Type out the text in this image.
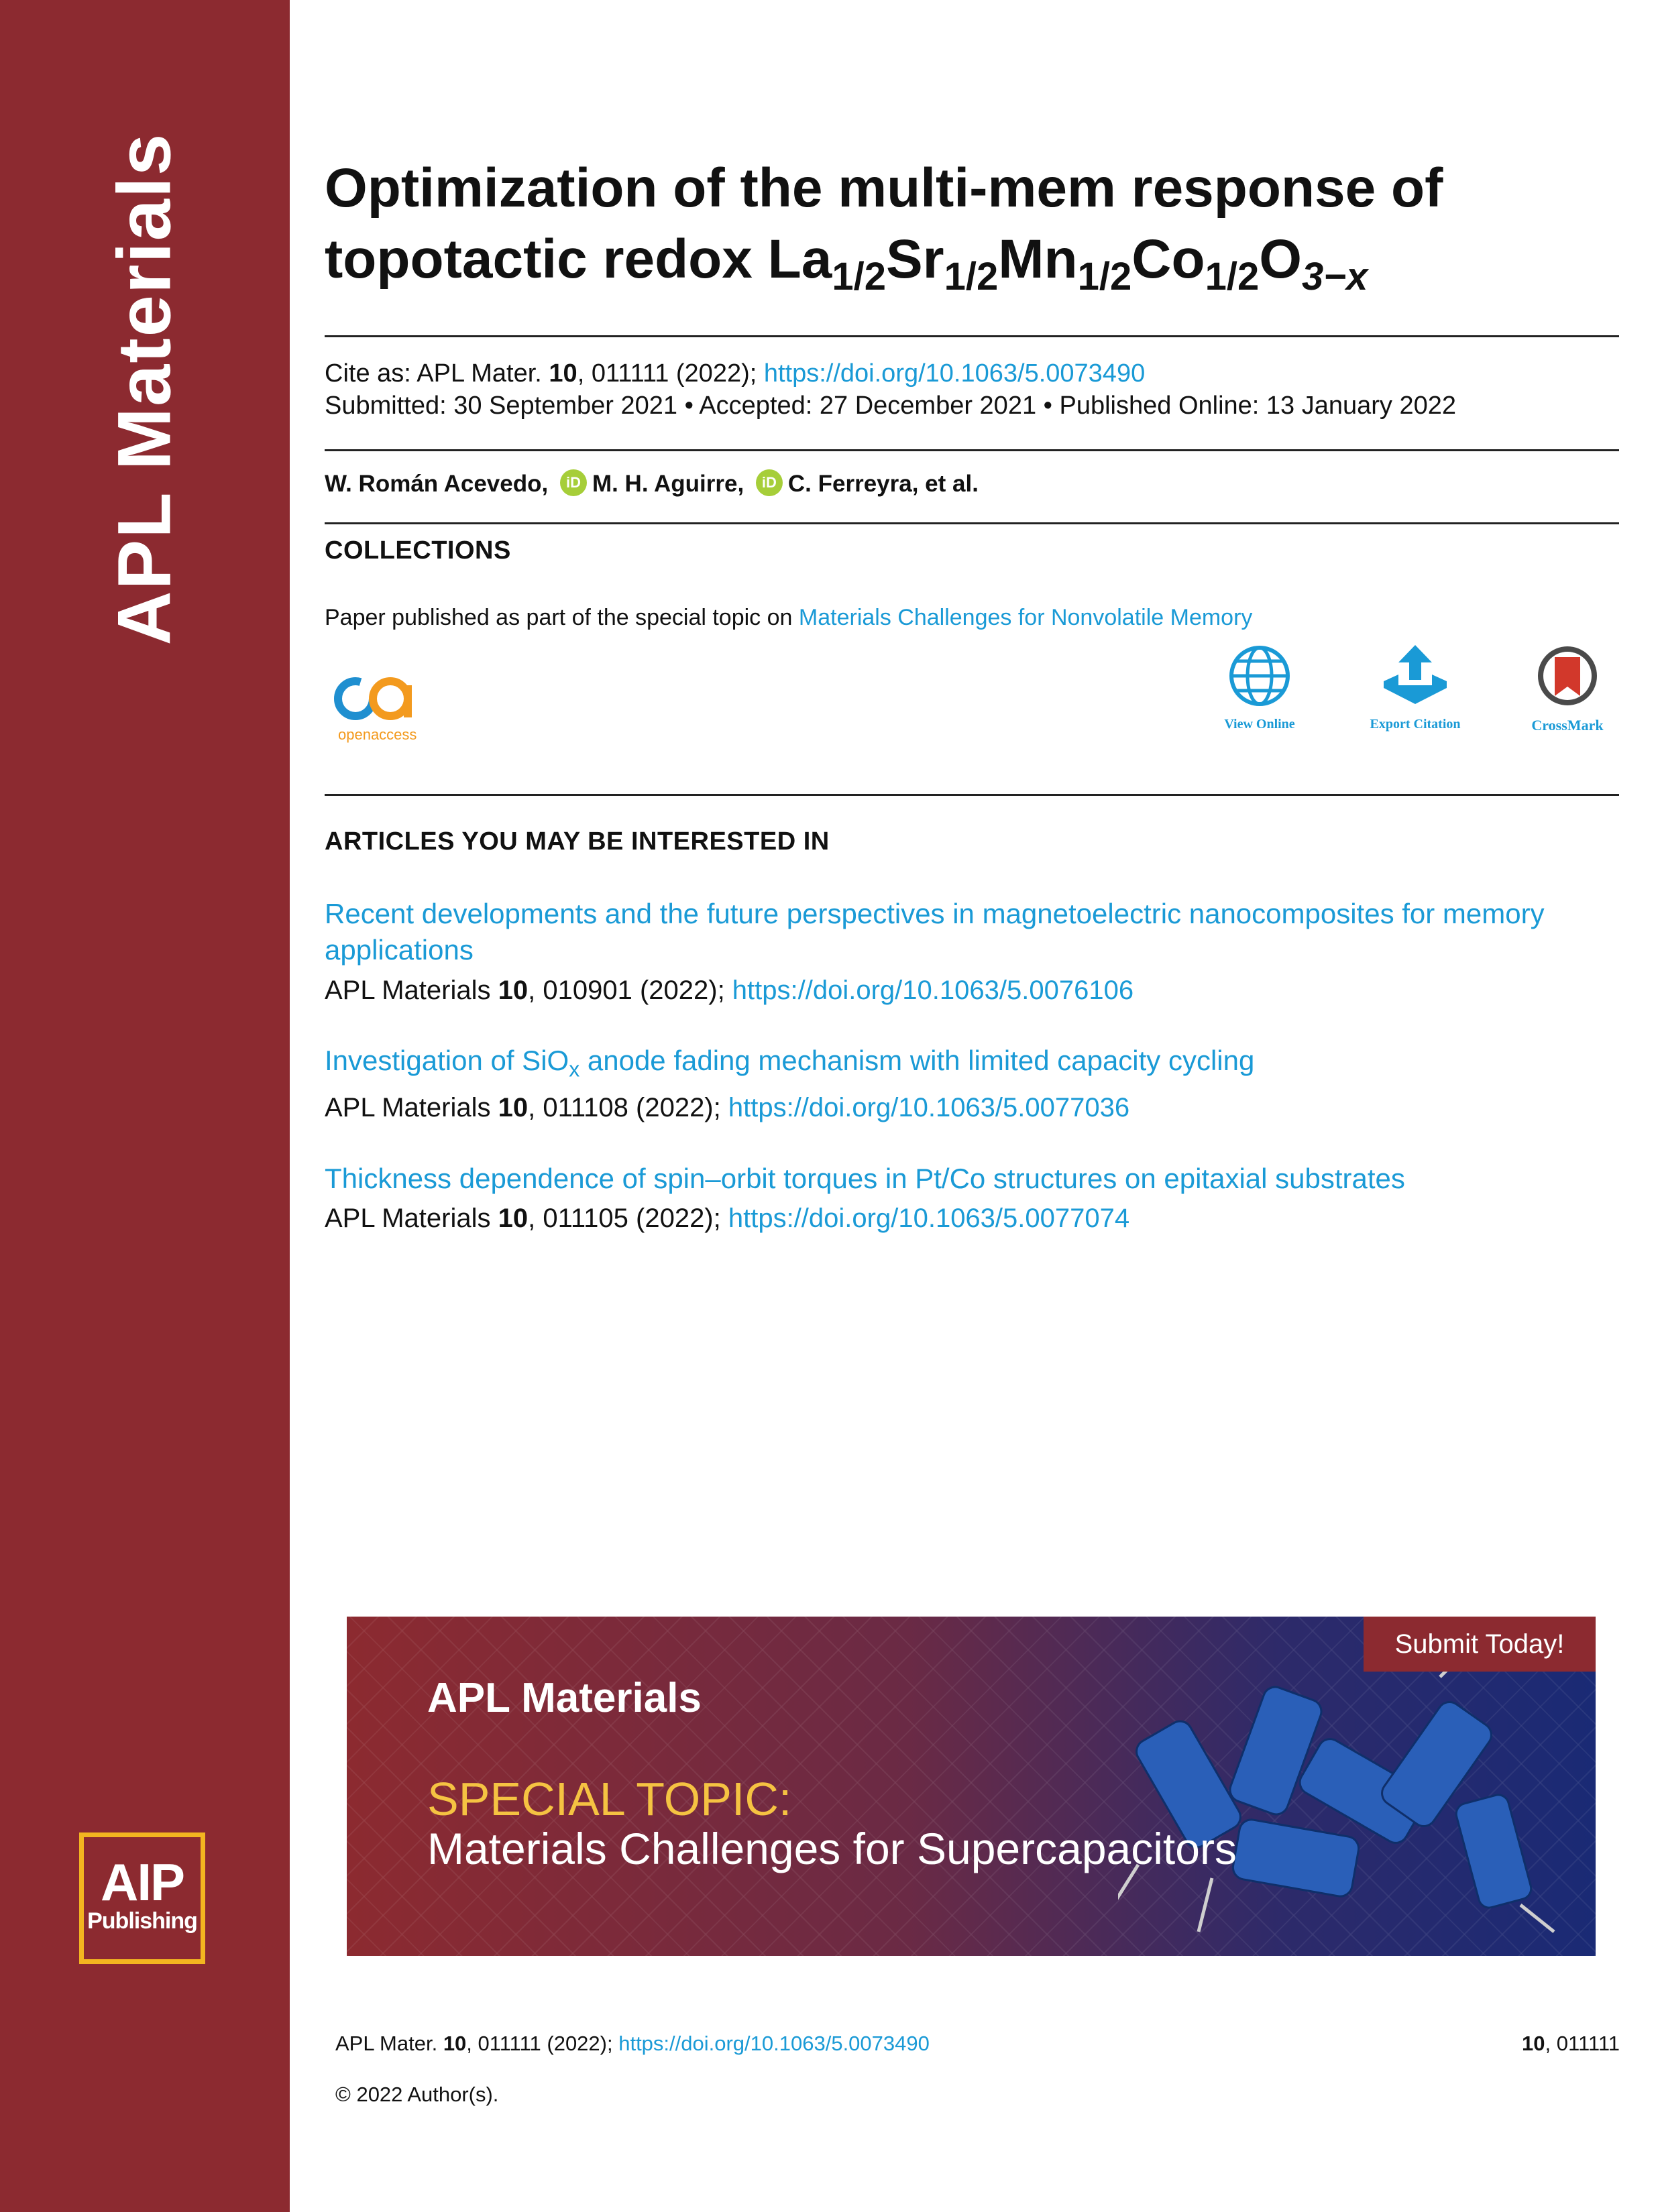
APL Materials
AIP
Publishing
Optimization of the multi-mem response of
topotactic redox $La_{1/2}Sr_{1/2}Mn_{1/2}Co_{1/2}O_{3-x}$
Cite as: APL Mater. 10, 011111 (2022); https://doi.org/10.1063/5.0073490
Submitted: 30 September 2021 • Accepted: 27 December 2021 • Published Online: 13 January 2022
W. Román Acevedo, iD M. H. Aguirre, iD C. Ferreyra, et al.
COLLECTIONS
Paper published as part of the special topic on Materials Challenges for Nonvolatile Memory
openaccess
View Online	Export Citation	CrossMark
ARTICLES YOU MAY BE INTERESTED IN
Recent developments and the future perspectives in magnetoelectric nanocomposites for memory applications
APL Materials 10, 010901 (2022); https://doi.org/10.1063/5.0076106
Investigation of SiO$_x$ anode fading mechanism with limited capacity cycling
APL Materials 10, 011108 (2022); https://doi.org/10.1063/5.0077036
Thickness dependence of spin–orbit torques in Pt/Co structures on epitaxial substrates
APL Materials 10, 011105 (2022); https://doi.org/10.1063/5.0077074
Submit Today!
APL Materials
SPECIAL TOPIC:
Materials Challenges for Supercapacitors
APL Mater. 10, 011111 (2022); https://doi.org/10.1063/5.0073490	10, 011111
© 2022 Author(s).
